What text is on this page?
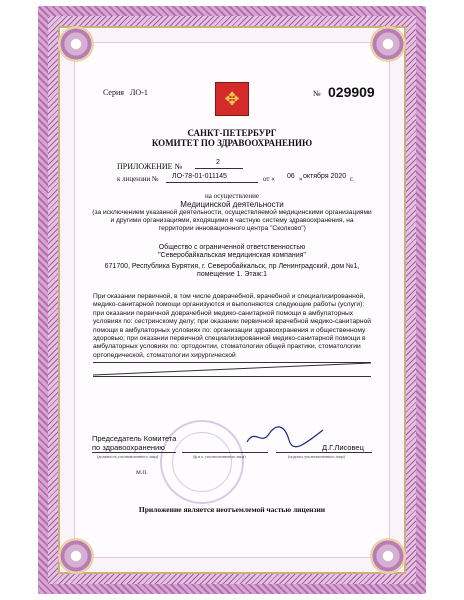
Серия ЛО-1	✥	№ 029909
САНКТ-ПЕТЕРБУРГ
КОМИТЕТ ПО ЗДРАВООХРАНЕНИЮ
ПРИЛОЖЕНИЕ №	2
к лицензии № ЛО-78-01-011145	от « 06 » октября 2020 г.
на осуществление
Медицинской деятельности
(за исключением указанной деятельности, осуществляемой медицинскими организациями
и другими организациями, входящими в частную систему здравоохранения, на
территории инновационного центра "Сколково")
Общество с ограниченной ответственностью
"Северобайкальская медицинская компания"
671700, Республика Бурятия, г. Северобайкальск, пр Ленинградский, дом №1,
помещение 1. Этаж:1
При оказании первичной, в том числе доврачебной, врачебной и специализированной,
медико-санитарной помощи организуются и выполняются следующие работы (услуги):
при оказании первичной доврачебной медико-санитарной помощи в амбулаторных
условиях по: сестринскому делу; при оказании первичной врачебной медико-санитарной
помощи в амбулаторных условиях по: организации здравоохранения и общественному
здоровью; при оказании первичной специализированной медико-санитарной помощи в
амбулаторных условиях по: ортодонтии, стоматологии общей практики, стоматологии
ортопедической, стоматологии хирургической
Председатель Комитета
по здравоохранению	Д.Г.Лисовец
(должность уполномоченного лица)	(ф.и.о. уполномоченного лица)	(подпись уполномоченного лица)
М.П.
Приложение является неотъемлемой частью лицензии
